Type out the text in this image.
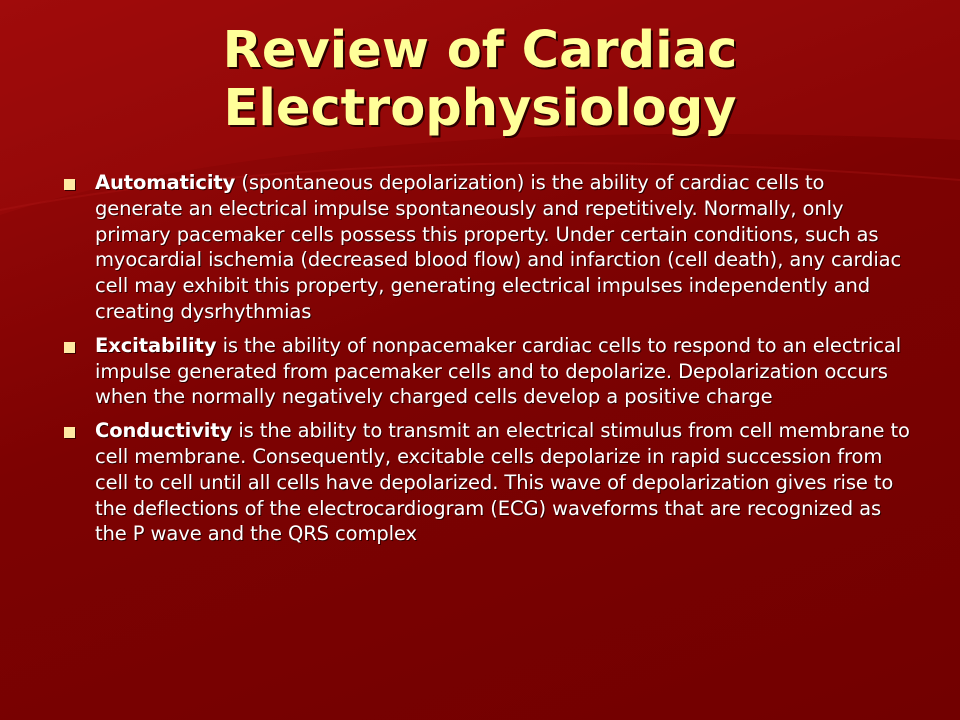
Review of Cardiac
Electrophysiology
Automaticity (spontaneous depolarization) is the ability of cardiac cells to generate an electrical impulse spontaneously and repetitively. Normally, only primary pacemaker cells possess this property. Under certain conditions, such as myocardial ischemia (decreased blood flow) and infarction (cell death), any cardiac cell may exhibit this property, generating electrical impulses independently and creating dysrhythmias
Excitability is the ability of nonpacemaker cardiac cells to respond to an electrical impulse generated from pacemaker cells and to depolarize. Depolarization occurs when the normally negatively charged cells develop a positive charge
Conductivity is the ability to transmit an electrical stimulus from cell membrane to cell membrane. Consequently, excitable cells depolarize in rapid succession from cell to cell until all cells have depolarized. This wave of depolarization gives rise to the deflections of the electrocardiogram (ECG) waveforms that are recognized as the P wave and the QRS complex
